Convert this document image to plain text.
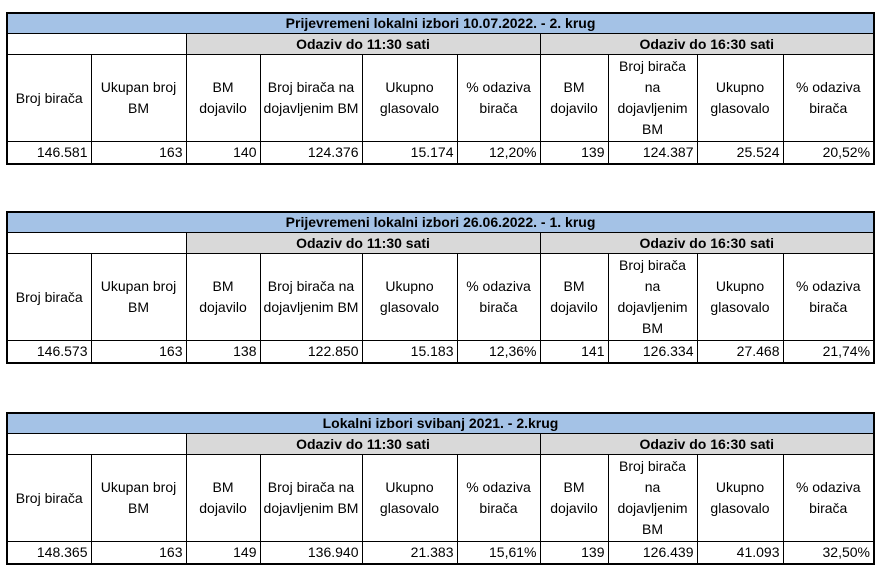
Prijevremeni lokalni izbori 10.07.2022. - 2. krug									
		Odaziv do 11:30 sati				Odaziv do 16:30 sati			
Broj birača	Ukupan broj BM	BM dojavilo	Broj birača na dojavljenim BM	Ukupno glasovalo	% odaziva birača	BM dojavilo	Broj birača na dojavljenim BM	Ukupno glasovalo	% odaziva birača
146.581	163	140	124.376	15.174	12,20%	139	124.387	25.524	20,52%
Prijevremeni lokalni izbori 26.06.2022. - 1. krug									
		Odaziv do 11:30 sati				Odaziv do 16:30 sati			
Broj birača	Ukupan broj BM	BM dojavilo	Broj birača na dojavljenim BM	Ukupno glasovalo	% odaziva birača	BM dojavilo	Broj birača na dojavljenim BM	Ukupno glasovalo	% odaziva birača
146.573	163	138	122.850	15.183	12,36%	141	126.334	27.468	21,74%
Lokalni izbori svibanj 2021. - 2.krug									
		Odaziv do 11:30 sati				Odaziv do 16:30 sati			
Broj birača	Ukupan broj BM	BM dojavilo	Broj birača na dojavljenim BM	Ukupno glasovalo	% odaziva birača	BM dojavilo	Broj birača na dojavljenim BM	Ukupno glasovalo	% odaziva birača
148.365	163	149	136.940	21.383	15,61%	139	126.439	41.093	32,50%
